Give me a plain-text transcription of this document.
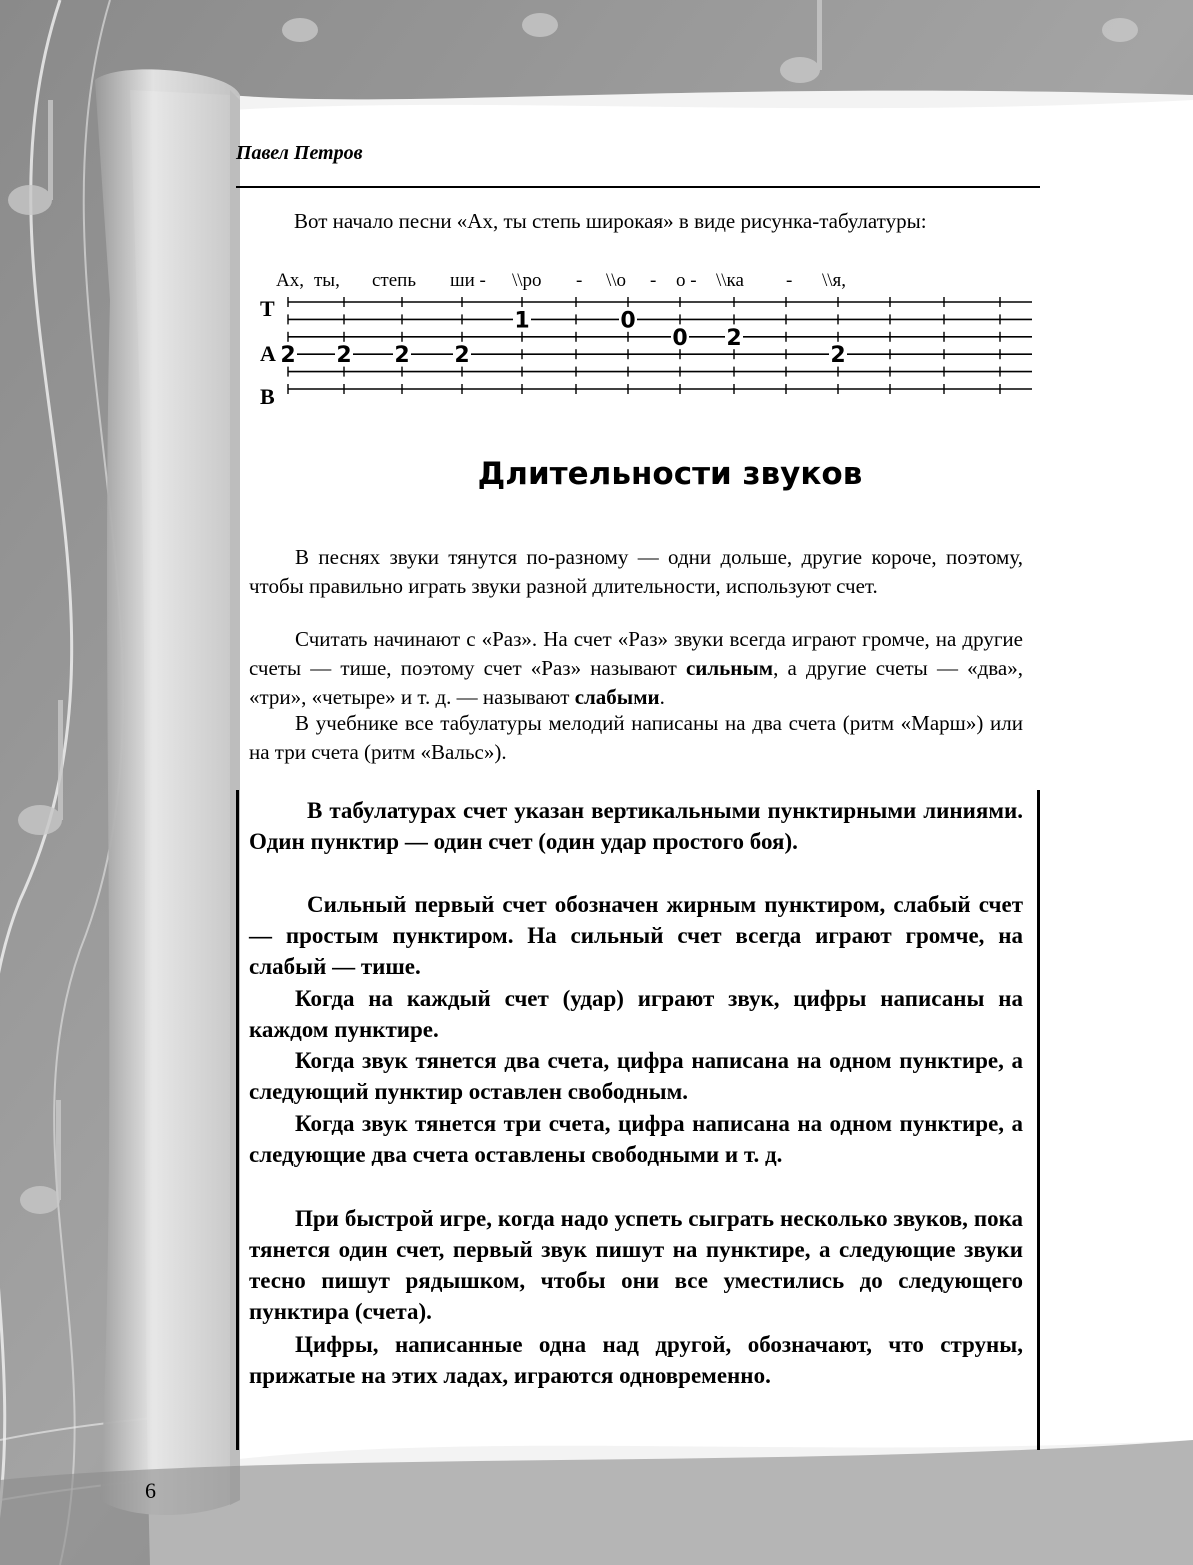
Павел Петров
Вот начало песни «Ах, ты степь широкая» в виде рисунка-табулатуры:
T
A
B
Ах, ты, степь ши - \\ро - \\о - о - \\ка - \\я,
2 2 2 2
1	0
0 2
2
Длительности звуков

В песнях звуки тянутся по-разному — одни дольше, другие короче, поэтому, чтобы правильно играть звуки разной длительности, используют счет.

Считать начинают с «Раз». На счет «Раз» звуки всегда играют громче, на другие счеты — тише, поэтому счет «Раз» называют сильным, а другие счеты — «два», «три», «четыре» и т. д. — называют слабыми.

В учебнике все табулатуры мелодий написаны на два счета (ритм «Марш») или на три счета (ритм «Вальс»).

В табулатурах счет указан вертикальными пунктирными линиями. Один пунктир — один счет (один удар простого боя).

Сильный первый счет обозначен жирным пунктиром, слабый счет — простым пунктиром. На сильный счет всегда играют громче, на слабый — тише.

Когда на каждый счет (удар) играют звук, цифры написаны на каждом пунктире.

Когда звук тянется два счета, цифра написана на одном пунктире, а следующий пунктир оставлен свободным.

Когда звук тянется три счета, цифра написана на одном пунктире, а следующие два счета оставлены свободными и т. д.

При быстрой игре, когда надо успеть сыграть несколько звуков, пока тянется один счет, первый звук пишут на пунктире, а следующие звуки тесно пишут рядышком, чтобы они все уместились до следующего пунктира (счета).

Цифры, написанные одна над другой, обозначают, что струны, прижатые на этих ладах, играются одновременно.

6
